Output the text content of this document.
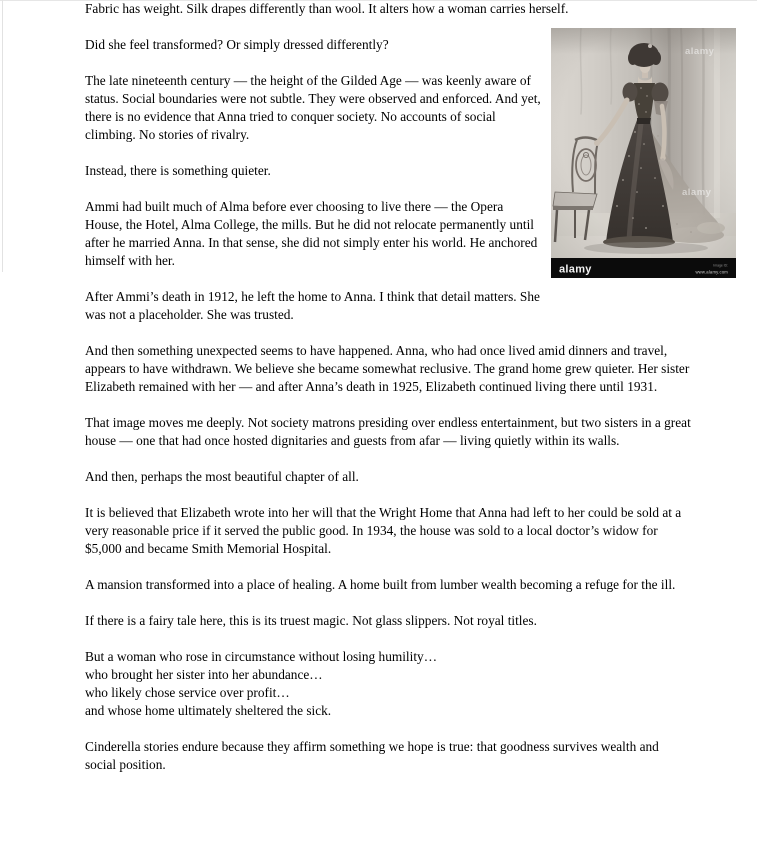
Fabric has weight. Silk drapes differently than wool. It alters how a woman carries herself.

alamy	Image ID:
www.alamy.com
Did she feel transformed? Or simply dressed differently?

The late nineteenth century — the height of the Gilded Age — was keenly aware of status. Social boundaries were not subtle. They were observed and enforced. And yet, there is no evidence that Anna tried to conquer society. No accounts of social climbing. No stories of rivalry.

Instead, there is something quieter.

Ammi had built much of Alma before ever choosing to live there — the Opera House, the Hotel, Alma College, the mills. But he did not relocate permanently until after he married Anna. In that sense, she did not simply enter his world. He anchored himself with her.

After Ammi’s death in 1912, he left the home to Anna. I think that detail matters. She was not a placeholder. She was trusted.

And then something unexpected seems to have happened. Anna, who had once lived amid dinners and travel, appears to have withdrawn. We believe she became somewhat reclusive. The grand home grew quieter. Her sister Elizabeth remained with her — and after Anna’s death in 1925, Elizabeth continued living there until 1931.

That image moves me deeply. Not society matrons presiding over endless entertainment, but two sisters in a great house — one that had once hosted dignitaries and guests from afar — living quietly within its walls.

And then, perhaps the most beautiful chapter of all.

It is believed that Elizabeth wrote into her will that the Wright Home that Anna had left to her could be sold at a very reasonable price if it served the public good. In 1934, the house was sold to a local doctor’s widow for $5,000 and became Smith Memorial Hospital.

A mansion transformed into a place of healing. A home built from lumber wealth becoming a refuge for the ill.

If there is a fairy tale here, this is its truest magic. Not glass slippers. Not royal titles.

But a woman who rose in circumstance without losing humility…
who brought her sister into her abundance…
who likely chose service over profit…
and whose home ultimately sheltered the sick.

Cinderella stories endure because they affirm something we hope is true: that goodness survives wealth and social position.
